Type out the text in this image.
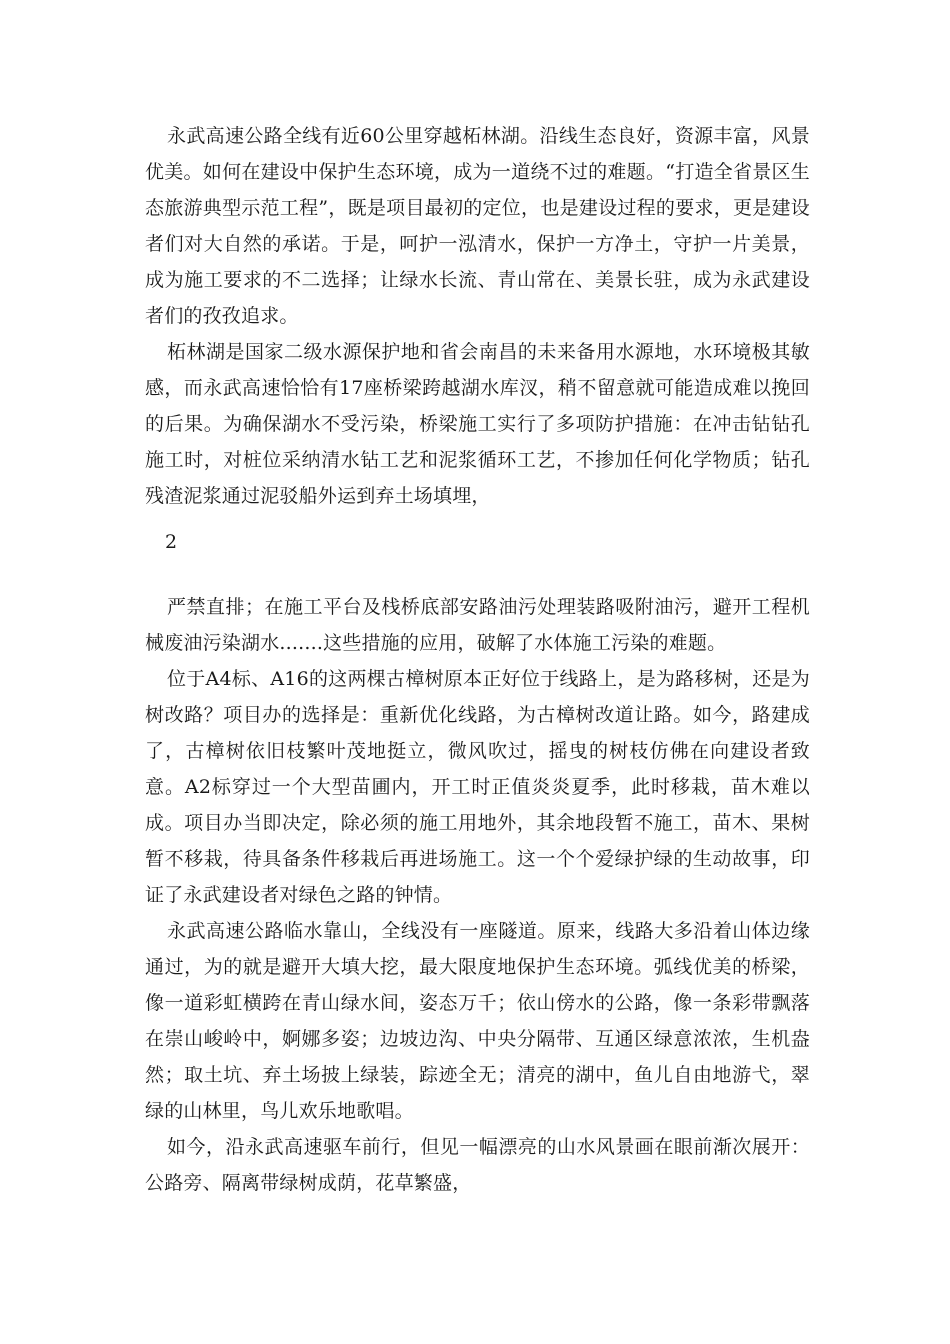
永武高速公路全线有近60公里穿越柘林湖。沿线生态良好，资源丰富，风景优美。如何在建设中保护生态环境，成为一道绕不过的难题。“打造全省景区生态旅游典型示范工程”，既是项目最初的定位，也是建设过程的要求，更是建设者们对大自然的承诺。于是，呵护一泓清水，保护一方净土，守护一片美景，成为施工要求的不二选择；让绿水长流、青山常在、美景长驻，成为永武建设者们的孜孜追求。

柘林湖是国家二级水源保护地和省会南昌的未来备用水源地，水环境极其敏感，而永武高速恰恰有17座桥梁跨越湖水库汊，稍不留意就可能造成难以挽回的后果。为确保湖水不受污染，桥梁施工实行了多项防护措施：在冲击钻钻孔施工时，对桩位采纳清水钻工艺和泥浆循环工艺，不掺加任何化学物质；钻孔残渣泥浆通过泥驳船外运到弃土场填埋，

2

严禁直排；在施工平台及栈桥底部安路油污处理装路吸附油污，避开工程机械废油污染湖水.......这些措施的应用，破解了水体施工污染的难题。

位于A4标、A16的这两棵古樟树原本正好位于线路上，是为路移树，还是为树改路？项目办的选择是：重新优化线路，为古樟树改道让路。如今，路建成了，古樟树依旧枝繁叶茂地挺立，微风吹过，摇曳的树枝仿佛在向建设者致意。A2标穿过一个大型苗圃内，开工时正值炎炎夏季，此时移栽，苗木难以成。项目办当即决定，除必须的施工用地外，其余地段暂不施工，苗木、果树暂不移栽，待具备条件移栽后再进场施工。这一个个爱绿护绿的生动故事，印证了永武建设者对绿色之路的钟情。

永武高速公路临水靠山，全线没有一座隧道。原来，线路大多沿着山体边缘通过，为的就是避开大填大挖，最大限度地保护生态环境。弧线优美的桥梁，像一道彩虹横跨在青山绿水间，姿态万千；依山傍水的公路，像一条彩带飘落在崇山峻岭中，婀娜多姿；边坡边沟、中央分隔带、互通区绿意浓浓，生机盎然；取土坑、弃土场披上绿装，踪迹全无；清亮的湖中，鱼儿自由地游弋，翠绿的山林里，鸟儿欢乐地歌唱。

如今，沿永武高速驱车前行，但见一幅漂亮的山水风景画在眼前渐次展开：公路旁、隔离带绿树成荫，花草繁盛，
